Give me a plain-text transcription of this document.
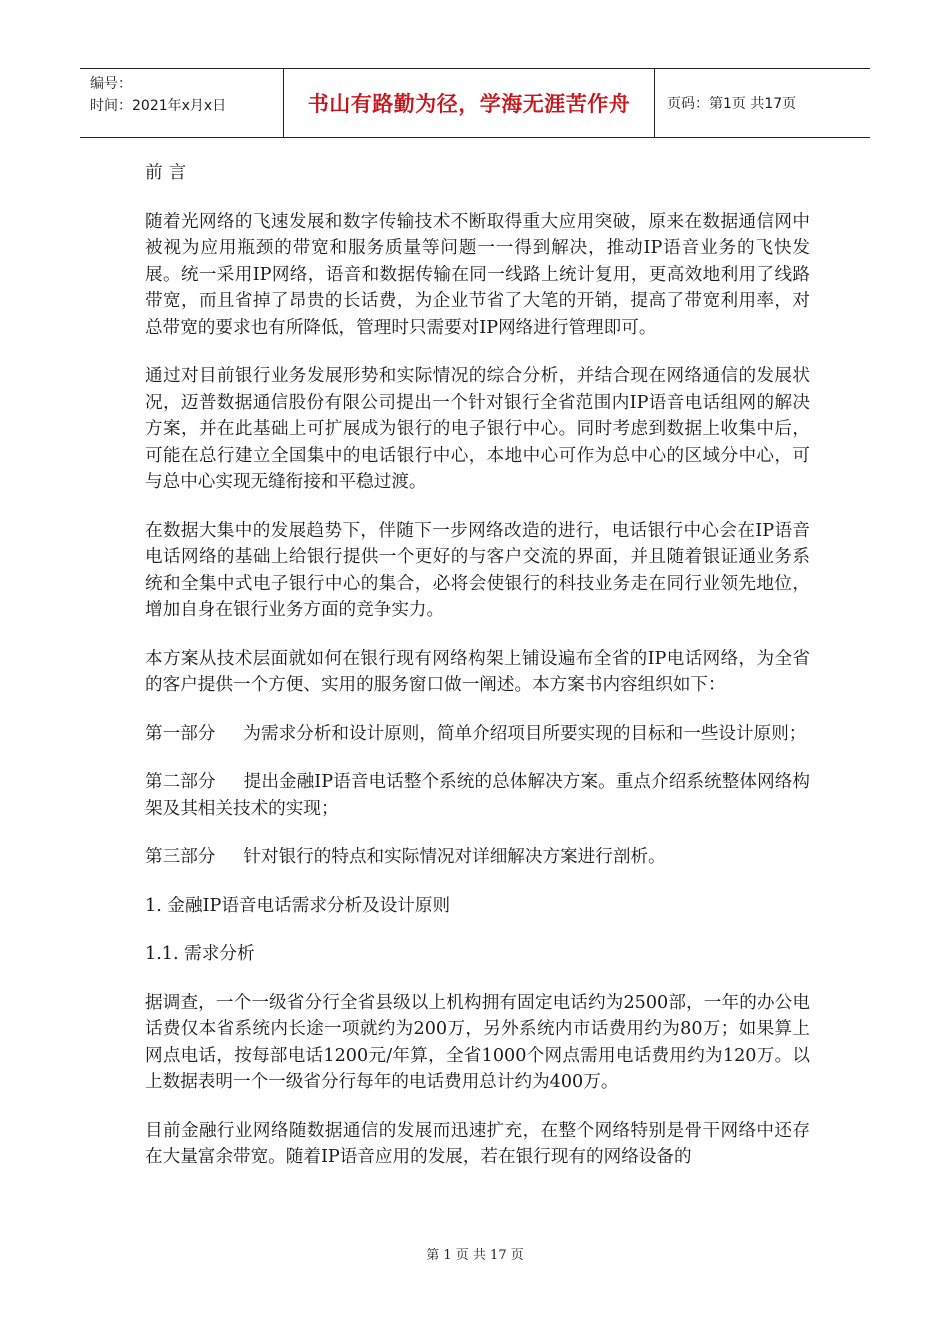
编号：
时间：2021年x月x日	书山有路勤为径，学海无涯苦作舟	页码：第1页 共17页

前言

随着光网络的飞速发展和数字传输技术不断取得重大应用突破，原来在数据通信网中被视为应用瓶颈的带宽和服务质量等问题一一得到解决，推动IP语音业务的飞快发展。统一采用IP网络，语音和数据传输在同一线路上统计复用，更高效地利用了线路带宽，而且省掉了昂贵的长话费，为企业节省了大笔的开销，提高了带宽利用率，对总带宽的要求也有所降低，管理时只需要对IP网络进行管理即可。

通过对目前银行业务发展形势和实际情况的综合分析，并结合现在网络通信的发展状况，迈普数据通信股份有限公司提出一个针对银行全省范围内IP语音电话组网的解决方案，并在此基础上可扩展成为银行的电子银行中心。同时考虑到数据上收集中后，可能在总行建立全国集中的电话银行中心，本地中心可作为总中心的区域分中心，可与总中心实现无缝衔接和平稳过渡。

在数据大集中的发展趋势下，伴随下一步网络改造的进行，电话银行中心会在IP语音电话网络的基础上给银行提供一个更好的与客户交流的界面，并且随着银证通业务系统和全集中式电子银行中心的集合，必将会使银行的科技业务走在同行业领先地位，增加自身在银行业务方面的竞争实力。

本方案从技术层面就如何在银行现有网络构架上铺设遍布全省的IP电话网络，为全省的客户提供一个方便、实用的服务窗口做一阐述。本方案书内容组织如下：

第一部分 为需求分析和设计原则，简单介绍项目所要实现的目标和一些设计原则；

第二部分 提出金融IP语音电话整个系统的总体解决方案。重点介绍系统整体网络构架及其相关技术的实现；

第三部分 针对银行的特点和实际情况对详细解决方案进行剖析。

1. 金融IP语音电话需求分析及设计原则

1.1. 需求分析

据调查，一个一级省分行全省县级以上机构拥有固定电话约为2500部，一年的办公电话费仅本省系统内长途一项就约为200万，另外系统内市话费用约为80万；如果算上网点电话，按每部电话1200元/年算，全省1000个网点需用电话费用约为120万。以上数据表明一个一级省分行每年的电话费用总计约为400万。

目前金融行业网络随数据通信的发展而迅速扩充，在整个网络特别是骨干网络中还存在大量富余带宽。随着IP语音应用的发展，若在银行现有的网络设备的

第 1 页 共 17 页
